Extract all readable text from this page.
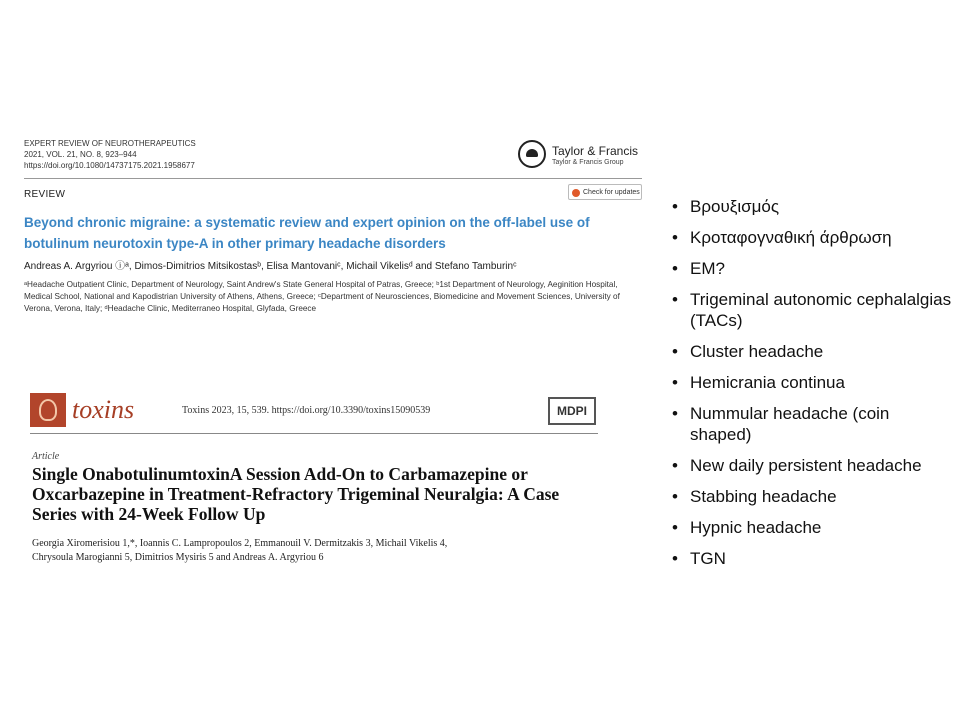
EXPERT REVIEW OF NEUROTHERAPEUTICS
2021, VOL. 21, NO. 8, 923–944
https://doi.org/10.1080/14737175.2021.1958677
Taylor & Francis
Taylor & Francis Group
REVIEW	Check for updates
Beyond chronic migraine: a systematic review and expert opinion on the off-label use of botulinum neurotoxin type-A in other primary headache disorders
Andreas A. Argyriou ⓘᵃ, Dimos-Dimitrios Mitsikostasᵇ, Elisa Mantovaniᶜ, Michail Vikelisᵈ and Stefano Tamburinᶜ
ᵃHeadache Outpatient Clinic, Department of Neurology, Saint Andrew's State General Hospital of Patras, Greece; ᵇ1st Department of Neurology, Aeginition Hospital, Medical School, National and Kapodistrian University of Athens, Athens, Greece; ᶜDepartment of Neurosciences, Biomedicine and Movement Sciences, University of Verona, Verona, Italy; ᵈHeadache Clinic, Mediterraneo Hospital, Glyfada, Greece
toxins	Toxins 2023, 15, 539. https://doi.org/10.3390/toxins15090539	MDPI
Article
Single OnabotulinumtoxinA Session Add-On to Carbamazepine or Oxcarbazepine in Treatment-Refractory Trigeminal Neuralgia: A Case Series with 24-Week Follow Up
Georgia Xiromerisiou 1,*, Ioannis C. Lampropoulos 2, Emmanouil V. Dermitzakis 3, Michail Vikelis 4,
Chrysoula Marogianni 5, Dimitrios Mysiris 5 and Andreas A. Argyriou 6
• Βρουξισμός
• Κροταφογναθική άρθρωση
• EM?
• Trigeminal autonomic cephalalgias (TACs)
• Cluster headache
• Hemicrania continua
• Nummular headache (coin shaped)
• New daily persistent headache
• Stabbing headache
• Hypnic headache
• TGN
